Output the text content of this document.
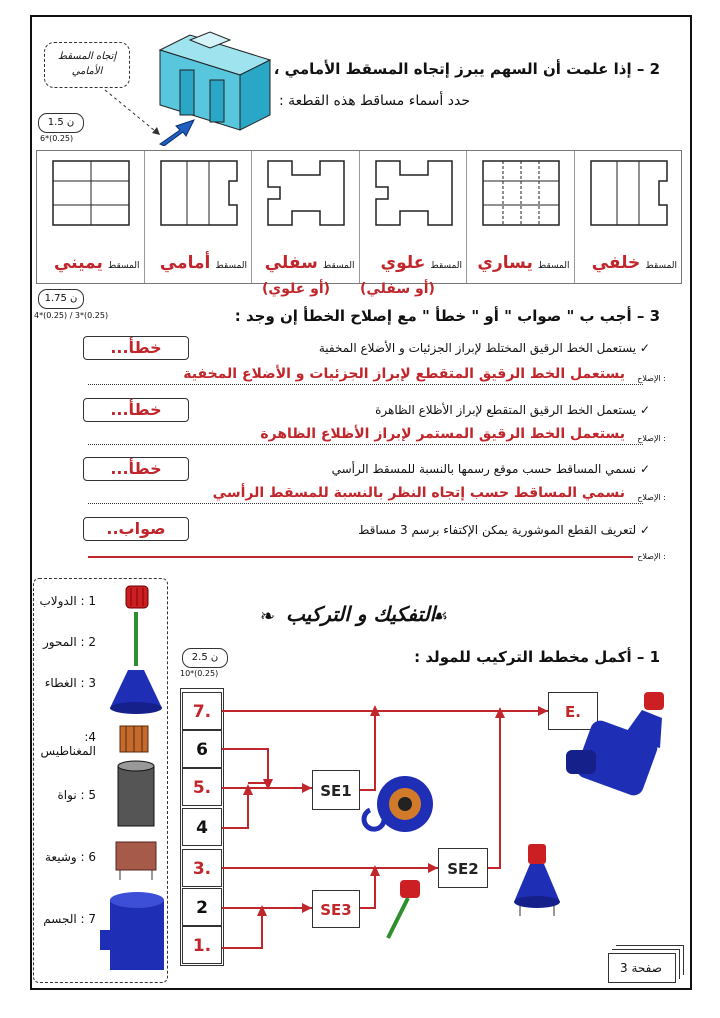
2 – إذا علمت أن السهم يبرز إتجاه المسقط الأمامي ،
حدد أسماء مساقط هذه القطعة :
إتجاه المسقط الأمامي
1.5 ن
6*(0.25)
المسقط خلفي
المسقط يساري
المسقط علوي
المسقط سفلي
المسقط أمامي
المسقط يميني
(أو علوي) (أو سفلي)
1.75 ن
4*(0.25) / 3*(0.25)	3 – أجب ب " صواب " أو " خطأ " مع إصلاح الخطأ إن وجد :
✓ يستعمل الخط الرقيق المختلط لإبراز الجزئيات و الأضلاع المخفية
...خطأ
الإصلاح :
يستعمل الخط الرقيق المتقطع لإبراز الجزئيات و الأضلاع المخفية
✓ يستعمل الخط الرقيق المتقطع لإبراز الأظلاع الظاهرة
...خطأ
الإصلاح :
يستعمل الخط الرقيق المستمر لإبراز الأظلاع الظاهرة
✓ نسمي المساقط حسب موقع رسمها بالنسبة للمسقط الرأسي
...خطأ
الإصلاح :
نسمي المساقط حسب إتجاه النظر بالنسبة للمسقط الرأسي
✓ لتعريف القطع الموشورية يمكن الإكتفاء برسم 3 مساقط
..صواب
الإصلاح :
❧ التفكيك و التركيب
☙
2.5 ن
10*(0.25)
1 – أكمل مخطط التركيب للمولد :
1 : الدولاب
2 : المحور
3 : الغطاء
4: المغناطيس
5 : نواة
6 : وشيعة
7 : الجسم
7.
6
5.
4
3.
2
1.
SE1
SE2
SE3
E.
صفحة 3
